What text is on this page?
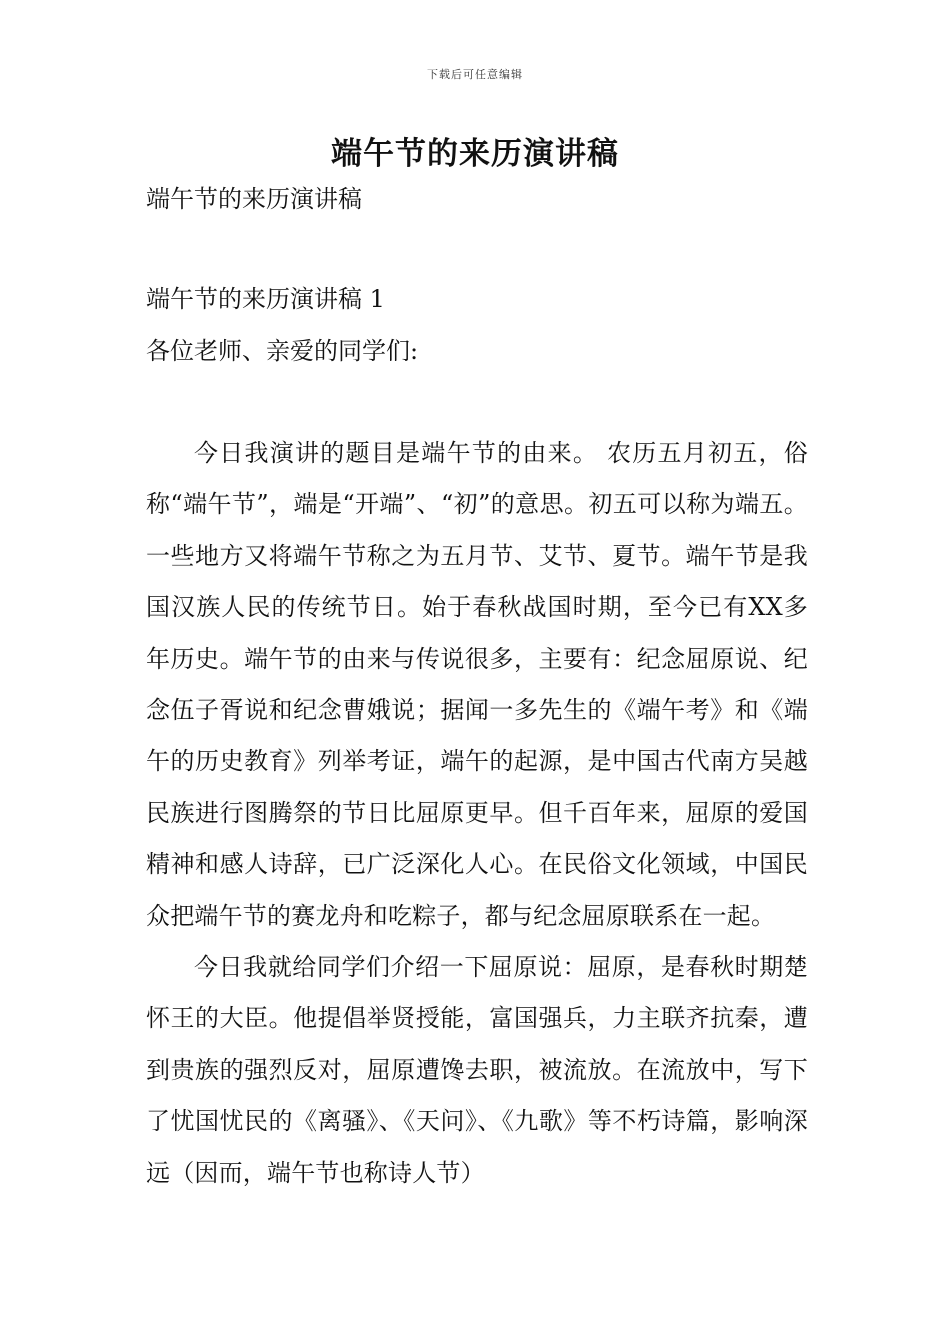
下载后可任意编辑
端午节的来历演讲稿
端午节的来历演讲稿
端午节的来历演讲稿 1
各位老师、亲爱的同学们:

今日我演讲的题目是端午节的由来。 农历五月初五，俗称“端午节”，端是“开端”、“初”的意思。初五可以称为端五。一些地方又将端午节称之为五月节、艾节、夏节。端午节是我国汉族人民的传统节日。始于春秋战国时期，至今已有XX多年历史。端午节的由来与传说很多，主要有：纪念屈原说、纪念伍子胥说和纪念曹娥说；据闻一多先生的《端午考》和《端午的历史教育》列举考证，端午的起源，是中国古代南方吴越民族进行图腾祭的节日比屈原更早。但千百年来，屈原的爱国精神和感人诗辞，已广泛深化人心。在民俗文化领域，中国民众把端午节的赛龙舟和吃粽子，都与纪念屈原联系在一起。

今日我就给同学们介绍一下屈原说：屈原，是春秋时期楚怀王的大臣。他提倡举贤授能，富国强兵，力主联齐抗秦，遭到贵族的强烈反对，屈原遭馋去职，被流放。在流放中，写下了忧国忧民的《离骚》、《天问》、《九歌》等不朽诗篇，影响深远（因而，端午节也称诗人节）
